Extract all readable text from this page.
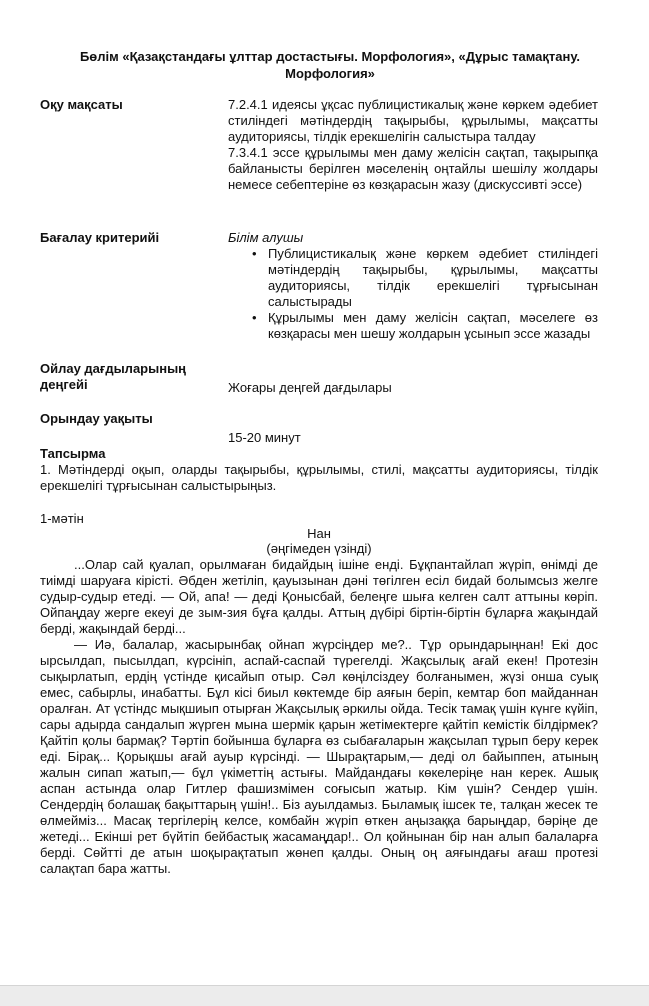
Бөлім «Қазақстандағы ұлттар достастығы. Морфология», «Дұрыс тамақтану. Морфология»
Оқу мақсаты	7.2.4.1 идеясы ұқсас публицистикалық және көркем әдебиет стиліндегі мәтіндердің тақырыбы, құрылымы, мақсатты аудиториясы, тілдік ерекшелігін салыстыра талдау

7.3.4.1 эссе құрылымы мен даму желісін сақтап, тақырыпқа байланысты берілген мәселенің оңтайлы шешілу жолдары немесе себептеріне өз көзқарасын жазу (дискуссивті эссе)

Бағалау критерийі	Білім алушы

• Публицистикалық және көркем әдебиет стиліндегі мәтіндердің тақырыбы, құрылымы, мақсатты аудиториясы, тілдік ерекшелігі тұрғысынан салыстырады
• Құрылымы мен даму желісін сақтап, мәселеге өз көзқарасы мен шешу жолдарын ұсынып эссе жазады
Ойлау дағдыларының
деңгейі	Жоғары деңгей дағдылары
Орындау уақыты
15-20 минут
Тапсырма
1. Мәтіндерді оқып, оларды тақырыбы, құрылымы, стилі, мақсатты аудиториясы, тілдік ерекшелігі тұрғысынан салыстырыңыз.
1-мәтін
Нан
(әңгімеден үзінді)

...Олар сай қуалап, орылмаған бидайдың ішіне енді. Бұқпантайлап жүріп, өнімді де тиімді шаруаға кірісті. Әбден жетіліп, қауызынан дәні төгілген есіл бидай болымсыз желге судыр-судыр етеді. — Ой, апа! — деді Қонысбай, белеңге шыға келген салт аттыны көріп. Ойпаңдау жерге екеуі де зым-зия бұға қалды. Аттың дүбірі біртін-біртін бұларға жақындай берді, жақындай берді...

— Иә, балалар, жасырынбақ ойнап жүрсіңдер ме?.. Тұр орындарыңнан! Екі дос ырсылдап, пысылдап, күрсініп, аспай-саспай түрегелді. Жақсылық ағай екен! Протезін сықырлатып, ердің үстінде қисайып отыр. Сәл көңілсіздеу болғанымен, жүзі онша суық емес, сабырлы, инабатты. Бұл кісі биыл көктемде бір аяғын беріп, кемтар боп майданнан оралған. Ат үстіндс мықшиып отырған Жақсылық әркилы ойда. Тесік тамақ үшін күнге күйіп, сары адырда сандалып жүрген мына шермік қарын жетімектерге қайтіп кемістік білдірмек? Қайтіп қолы бармақ? Тәртіп бойынша бұларға өз сыбағаларын жақсылап тұрып беру керек еді. Бірақ... Қорықшы ағай ауыр күрсінді. — Шырақтарым,— деді ол байыппен, атының жалын сипап жатып,— бұл үкіметтің астығы. Майдандағы көкелеріңе нан керек. Ашық аспан астында олар Гитлер фашизмімен соғысып жатыр. Кім үшін? Сендер үшін. Сендердің болашақ бақыттарың үшін!.. Біз ауылдамыз. Быламық ішсек те, талқан жесек те өлмейміз... Масақ тергілерің келсе, комбайн жүріп өткен аңызаққа барыңдар, бәріңе де жетеді... Екінші рет бүйтіп бейбастық жасамаңдар!.. Ол қойнынан бір нан алып балаларға берді. Сөйтті де атын шоқырақтатып жөнеп қалды. Оның оң аяғындағы ағаш протезі салақтап бара жатты.
